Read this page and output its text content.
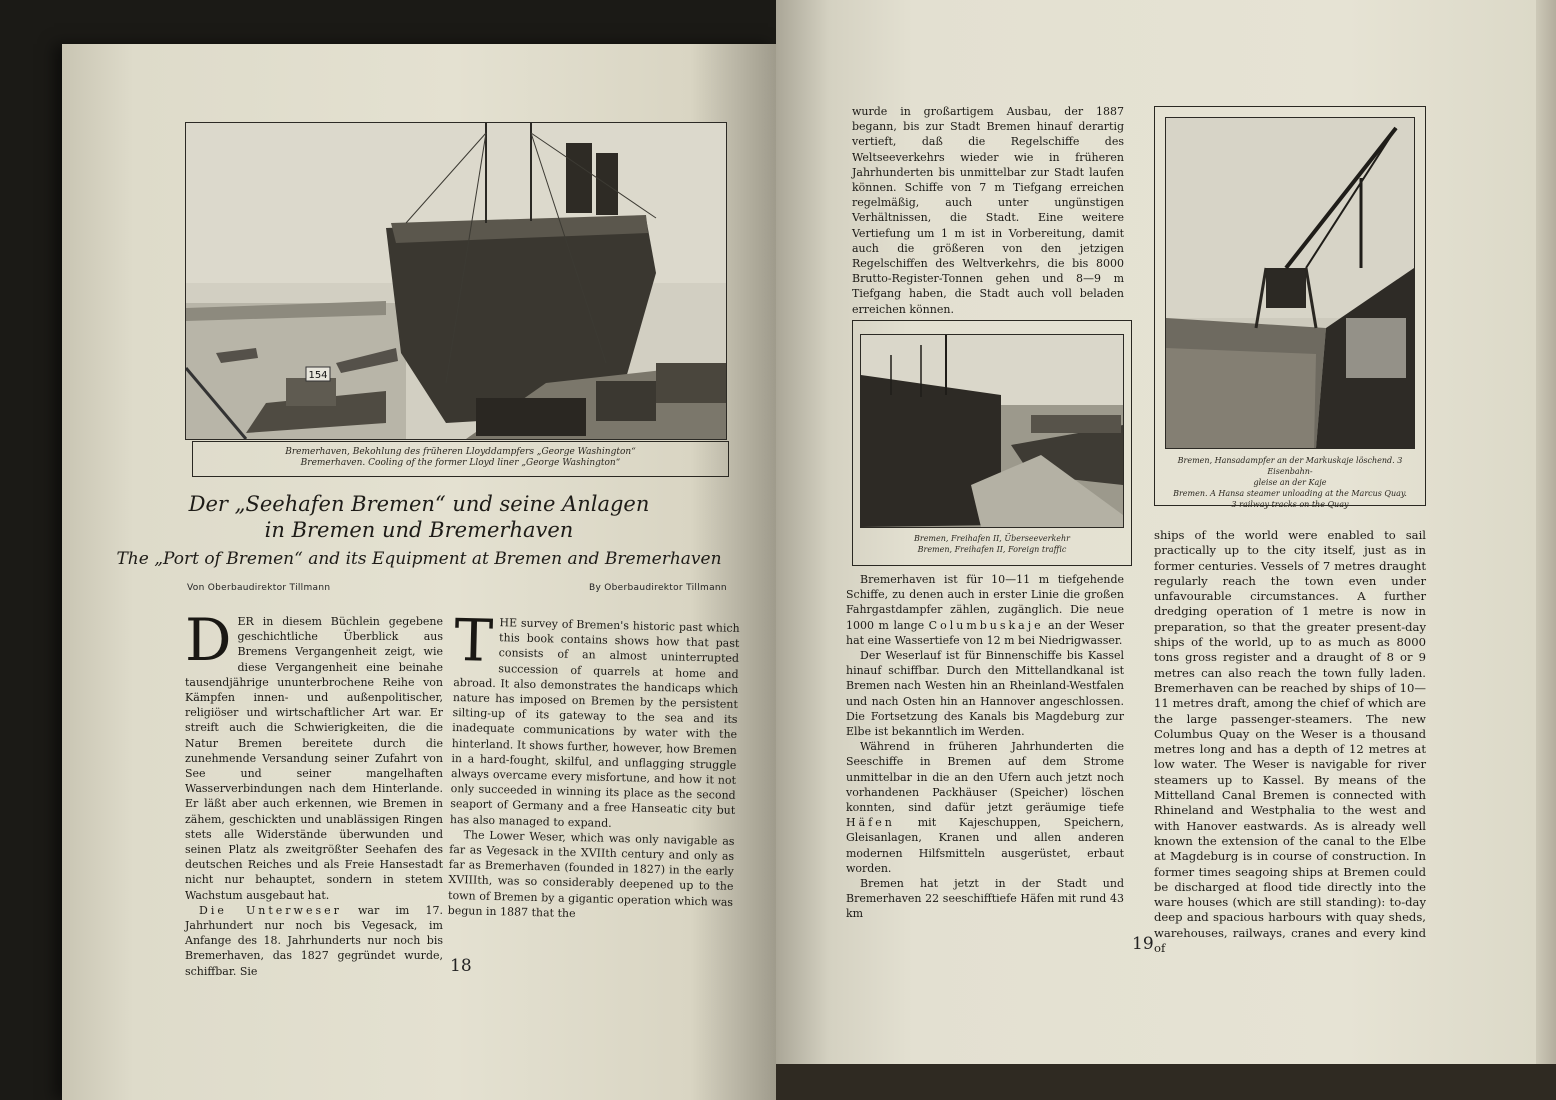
154

Bremerhaven, Bekohlung des früheren Lloyddampfers „George Washington“

Bremerhaven. Cooling of the former Lloyd liner „George Washington“

Der „Seehafen Bremen“ und seine Anlagen
in Bremen und Bremerhaven
The „Port of Bremen“ and its Equipment at Bremen and Bremerhaven
Von Oberbaudirektor Tillmann	By Oberbaudirektor Tillmann

DER in diesem Büchlein gegebene geschichtliche Überblick aus Bremens Vergangenheit zeigt, wie diese Vergangenheit eine beinahe tausendjährige ununterbrochene Reihe von Kämpfen innen- und außenpolitischer, religiöser und wirtschaftlicher Art war. Er streift auch die Schwierigkeiten, die die Natur Bremen bereitete durch die zunehmende Versandung seiner Zufahrt von See und seiner mangelhaften Wasserverbindungen nach dem Hinterlande. Er läßt aber auch erkennen, wie Bremen in zähem, geschickten und unablässigen Ringen stets alle Widerstände überwunden und seinen Platz als zweitgrößter Seehafen des deutschen Reiches und als Freie Hansestadt nicht nur behauptet, sondern in stetem Wachstum ausgebaut hat.

Die Unterweser war im 17. Jahrhundert nur noch bis Vegesack, im Anfange des 18. Jahrhunderts nur noch bis Bremerhaven, das 1827 gegründet wurde, schiffbar. Sie

THE survey of Bremen's historic past which this book contains shows how that past consists of an almost uninterrupted succession of quarrels at home and abroad. It also demonstrates the handicaps which nature has imposed on Bremen by the persistent silting-up of its gateway to the sea and its inadequate communications by water with the hinterland. It shows further, however, how Bremen in a hard-fought, skilful, and unflagging struggle always overcame every misfortune, and how it not only succeeded in winning its place as the second seaport of Germany and a free Hanseatic city but has also managed to expand.

The Lower Weser, which was only navigable as far as Vegesack in the XVIIth century and only as far as Bremerhaven (founded in 1827) in the early XVIIIth, was so considerably deepened up to the town of Bremen by a gigantic operation which was begun in 1887 that the

18

wurde in großartigem Ausbau, der 1887 begann, bis zur Stadt Bremen hinauf derartig vertieft, daß die Regelschiffe des Weltseeverkehrs wieder wie in früheren Jahrhunderten bis unmittelbar zur Stadt laufen können. Schiffe von 7 m Tiefgang erreichen regelmäßig, auch unter ungünstigen Verhältnissen, die Stadt. Eine weitere Vertiefung um 1 m ist in Vorbereitung, damit auch die größeren von den jetzigen Regelschiffen des Weltverkehrs, die bis 8000 Brutto-Register-Tonnen gehen und 8—9 m Tiefgang haben, die Stadt auch voll beladen erreichen können.

Bremen, Freihafen II, Überseeverkehr

Bremen, Freihafen II, Foreign traffic

Bremen, Hansadampfer an der Markuskaje löschend. 3 Eisenbahn-

gleise an der Kaje

Bremen. A Hansa steamer unloading at the Marcus Quay.

3 railway tracks on the Quay

Bremerhaven ist für 10—11 m tiefgehende Schiffe, zu denen auch in erster Linie die großen Fahrgastdampfer zählen, zugänglich. Die neue 1000 m lange Columbuskaje an der Weser hat eine Wassertiefe von 12 m bei Niedrigwasser.

Der Weserlauf ist für Binnenschiffe bis Kassel hinauf schiffbar. Durch den Mittellandkanal ist Bremen nach Westen hin an Rheinland-Westfalen und nach Osten hin an Hannover angeschlossen. Die Fortsetzung des Kanals bis Magdeburg zur Elbe ist bekanntlich im Werden.

Während in früheren Jahrhunderten die Seeschiffe in Bremen auf dem Strome unmittelbar in die an den Ufern auch jetzt noch vorhandenen Packhäuser (Speicher) löschen konnten, sind dafür jetzt geräumige tiefe Häfen mit Kajeschuppen, Speichern, Gleisanlagen, Kranen und allen anderen modernen Hilfsmitteln ausgerüstet, erbaut worden.

Bremen hat jetzt in der Stadt und Bremerhaven 22 seeschifftiefe Häfen mit rund 43 km

ships of the world were enabled to sail practically up to the city itself, just as in former centuries. Vessels of 7 metres draught regularly reach the town even under unfavourable circumstances. A further dredging operation of 1 metre is now in preparation, so that the greater present-day ships of the world, up to as much as 8000 tons gross register and a draught of 8 or 9 metres can also reach the town fully laden. Bremerhaven can be reached by ships of 10—11 metres draft, among the chief of which are the large passenger-steamers. The new Columbus Quay on the Weser is a thousand metres long and has a depth of 12 metres at low water. The Weser is navigable for river steamers up to Kassel. By means of the Mittelland Canal Bremen is connected with Rhineland and Westphalia to the west and with Hanover eastwards. As is already well known the extension of the canal to the Elbe at Magdeburg is in course of construction. In former times seagoing ships at Bremen could be discharged at flood tide directly into the ware houses (which are still standing): to-day deep and spacious harbours with quay sheds, warehouses, railways, cranes and every kind of

19
